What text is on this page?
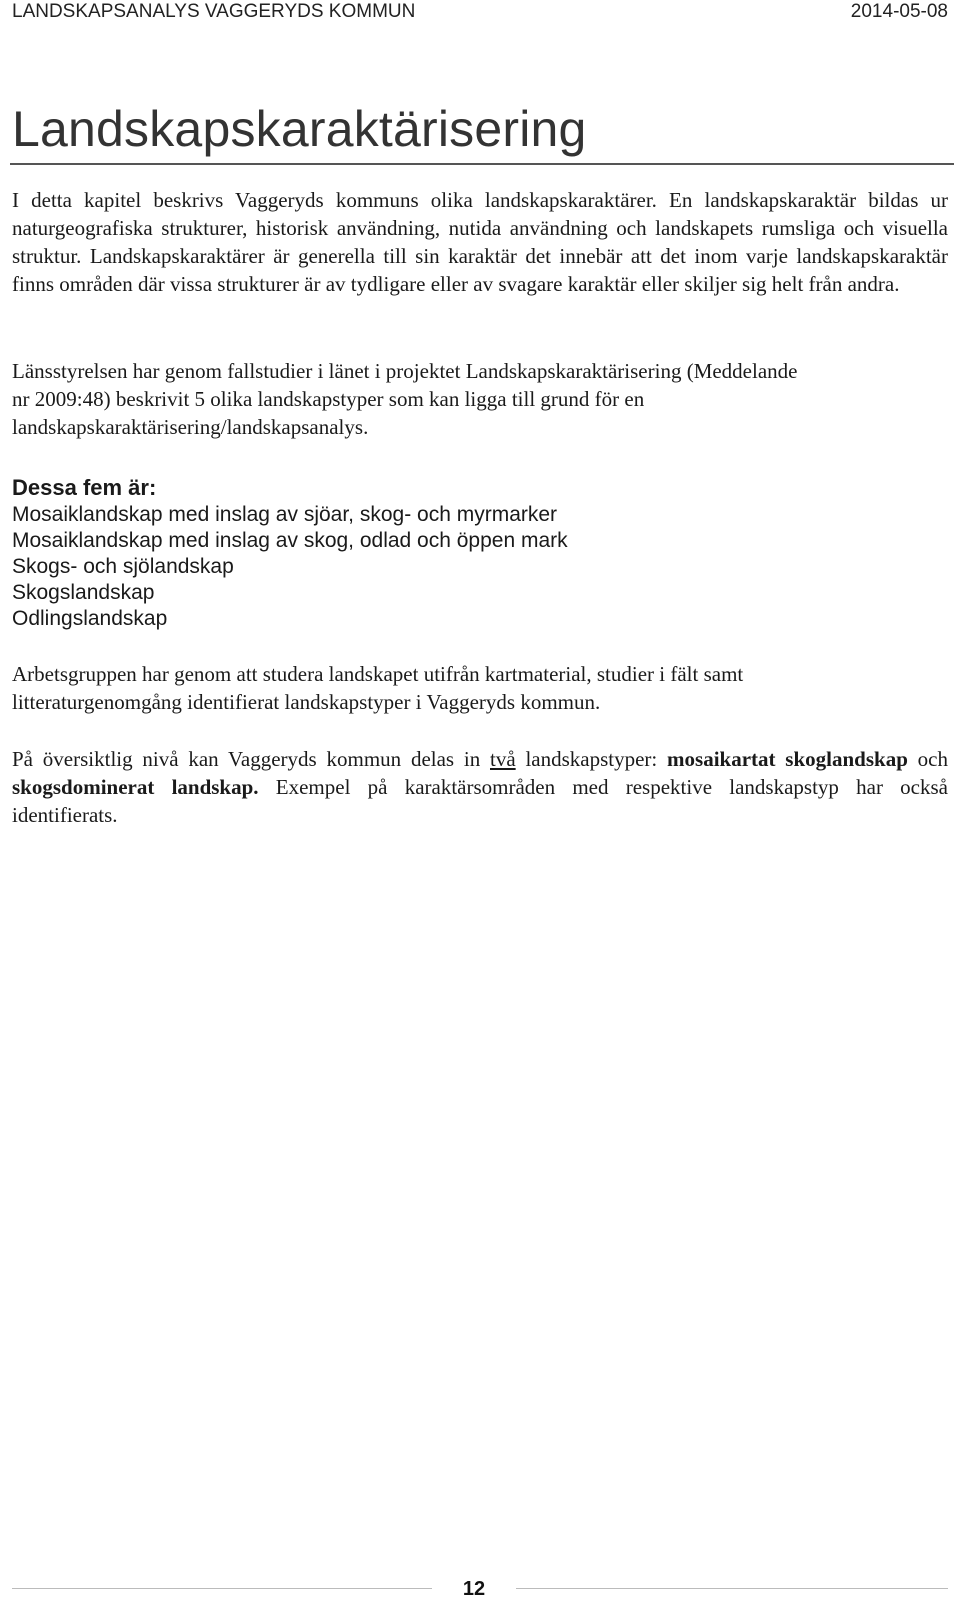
LANDSKAPSANALYS VAGGERYDS KOMMUN	2014-05-08
Landskapskaraktärisering

I detta kapitel beskrivs Vaggeryds kommuns olika landskapskaraktärer. En landskapskaraktär bildas ur naturgeografiska strukturer, historisk användning, nutida användning och landskapets rumsliga och visuella struktur. Landskapskaraktärer är generella till sin karaktär det innebär att det inom varje landskapskaraktär finns områden där vissa strukturer är av tydligare eller av svagare karaktär eller skiljer sig helt från andra.

Länsstyrelsen har genom fallstudier i länet i projektet Landskapskaraktärisering (Meddelande
nr 2009:48) beskrivit 5 olika landskapstyper som kan ligga till grund för en
landskapskaraktärisering/landskapsanalys.

Dessa fem är:
Mosaiklandskap med inslag av sjöar, skog- och myrmarker
Mosaiklandskap med inslag av skog, odlad och öppen mark
Skogs- och sjölandskap
Skogslandskap
Odlingslandskap

Arbetsgruppen har genom att studera landskapet utifrån kartmaterial, studier i fält samt
litteraturgenomgång identifierat landskapstyper i Vaggeryds kommun.

På översiktlig nivå kan Vaggeryds kommun delas in två landskapstyper: mosaikartat skoglandskap och skogsdominerat landskap. Exempel på karaktärsområden med respektive landskapstyp har också identifierats.

12
